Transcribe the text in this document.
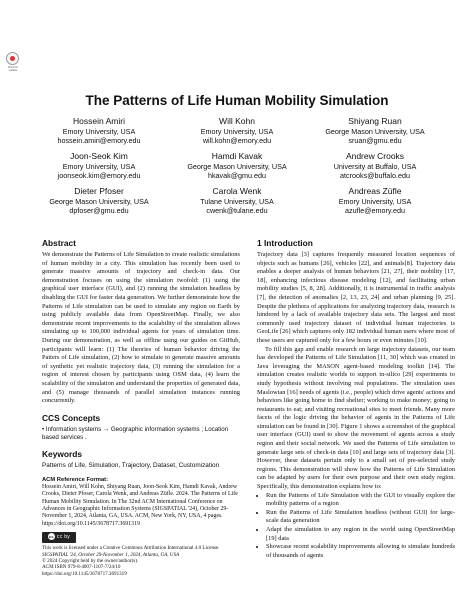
Check for updates
The Patterns of Life Human Mobility Simulation
Hossein Amiri
Emory University, USA
hossein.amiri@emory.edu
Will Kohn
Emory University, USA
will.kohn@emory.edu
Shiyang Ruan
George Mason University, USA
sruan@gmu.edu
Joon-Seok Kim
Emory University, USA
joonseok.kim@emory.edu
Hamdi Kavak
George Mason University, USA
hkavak@gmu.edu
Andrew Crooks
University at Buffalo, USA
atcrooks@buffalo.edu
Dieter Pfoser
George Mason University, USA
dpfoser@gmu.edu
Carola Wenk
Tulane University, USA
cwenk@tulane.edu
Andreas Züfle
Emory University, USA
azufle@emory.edu
Abstract

We demonstrate the Patterns of Life Simulation to create realistic simulations of human mobility in a city. This simulation has recently been used to generate massive amounts of trajectory and check-in data. Our demonstration focuses on using the simulation twofold: (1) using the graphical user interface (GUI), and (2) running the simulation headless by disabling the GUI for faster data generation. We further demonstrate how the Patterns of Life simulation can be used to simulate any region on Earth by using publicly available data from OpenStreetMap. Finally, we also demonstrate recent improvements to the scalability of the simulation allows simulating up to 100,000 individual agents for years of simulation time. During our demonstration, as well as offline using our guides on GitHub, participants will learn: (1) The theories of human behavior driving the Patters of Life simulation, (2) how to simulate to generate massive amounts of synthetic yet realistic trajectory data, (3) running the simulation for a region of interest chosen by participants using OSM data, (4) learn the scalability of the simulation and understand the properties of generated data, and (5) manage thousands of parallel simulation instances running concurrently.

CCS Concepts
• Information systems → Geographic information systems ; Location based services .
Keywords
Patterns of Life, Simulation, Trajectory, Dataset, Customization
ACM Reference Format:

Hossein Amiri, Will Kohn, Shiyang Ruan, Joon-Seok Kim, Hamdi Kavak, Andrew Crooks, Dieter Pfoser, Carola Wenk, and Andreas Züfle. 2024. The Patterns of Life Human Mobility Simulation. In The 32nd ACM International Conference on Advances in Geographic Information Systems (SIGSPATIAL '24), October 29-November 1, 2024, Atlanta, GA, USA. ACM, New York, NY, USA, 4 pages. https://doi.org/10.1145/3678717.3691319

cc cc by
This work is licensed under a Creative Commons Attribution International 4.0 License.
SIGSPATIAL '24, October 29-November 1, 2024, Atlanta, GA, USA
© 2024 Copyright held by the owner/author(s).
ACM ISBN 979-8-4007-1107-7/24/10
https://doi.org/10.1145/3678717.3691319
1 Introduction

Trajectory data [3] captures frequently measured location sequences of objects such as humans [26], vehicles [22], and animals[8]. Trajectory data enables a deeper analysis of human behaviors [21, 27], their mobility [17, 18], enhancing infectious disease modeling [12], and facilitating urban mobility studies [5, 8, 28]. Additionally, it is instrumental in traffic analysis [7], the detection of anomalies [2, 13, 23, 24] and urban planning [9, 25]. Despite the plethora of applications for analyzing trajectory data, research is hindered by a lack of available trajectory data sets. The largest and most commonly used trajectory dataset of individual human trajectories is GeoLife [26] which captures only 182 individual human users where most of these users are captured only for a few hours or even minutes [10].

To fill this gap and enable research on large trajectory datasets, our team has developed the Patterns of Life Simulation [11, 30] which was created in Java leveraging the MASON agent-based modeling toolkit [14]. The simulation creates realistic worlds to support in-silico [29] experiments to study hypothesis without involving real populations. The simulation uses Maslowian [16] needs of agents (i.e., people) which drive agents' actions and behaviors like going home to find shelter; working to make money; going to restaurants to eat; and visiting recreational sites to meet friends. Many more facets of the logic driving the behavior of agents in the Patterns of Life simulation can be found in [30]. Figure 1 shows a screenshot of the graphical user interface (GUI) used to show the movement of agents across a study region and their social network. We used the Patterns of Life simulation to generate large sets of check-in data [10] and large sets of trajectory data [3]. However, these datasets pertain only to a small set of pre-selected study regions. This demonstration will show how the Patterns of Life Simulation can be adapted by users for their own purpose and their own study region. Specifically, this demonstration explains how to:

• Run the Patterns of Life Simulation with the GUI to visually explore the mobility patterns of a region
• Run the Patterns of Life Simulation headless (without GUI) for large-scale data generation
• Adapt the simulation to any region in the world using OpenStreetMap [19] data
• Showcase recent scalability improvements allowing to simulate hundreds of thousands of agents
